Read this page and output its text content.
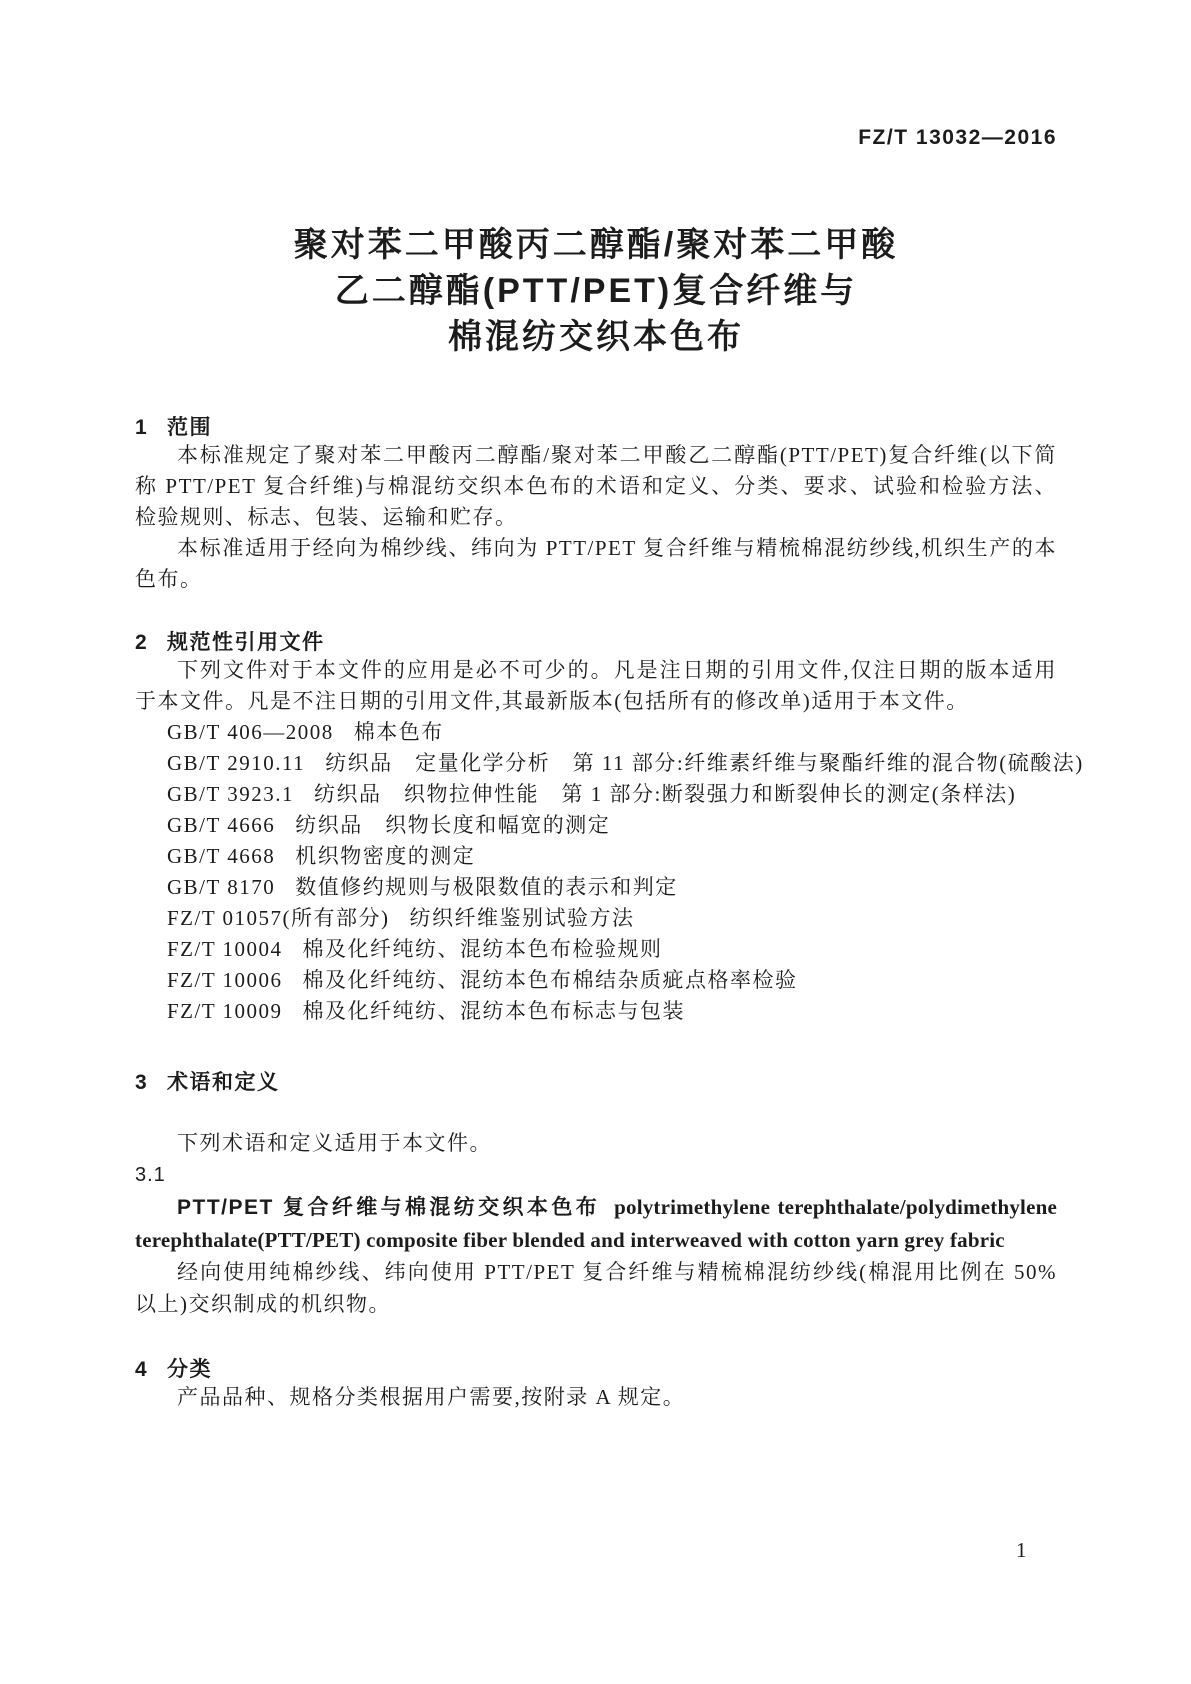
FZ/T 13032—2016
聚对苯二甲酸丙二醇酯/聚对苯二甲酸
乙二醇酯(PTT/PET)复合纤维与
棉混纺交织本色布
1 范围

本标准规定了聚对苯二甲酸丙二醇酯/聚对苯二甲酸乙二醇酯(PTT/PET)复合纤维(以下简称 PTT/PET 复合纤维)与棉混纺交织本色布的术语和定义、分类、要求、试验和检验方法、检验规则、标志、包装、运输和贮存。

本标准适用于经向为棉纱线、纬向为 PTT/PET 复合纤维与精梳棉混纺纱线,机织生产的本色布。

2 规范性引用文件

下列文件对于本文件的应用是必不可少的。凡是注日期的引用文件,仅注日期的版本适用于本文件。凡是不注日期的引用文件,其最新版本(包括所有的修改单)适用于本文件。

GB/T 406—2008 棉本色布
GB/T 2910.11 纺织品　定量化学分析　第 11 部分:纤维素纤维与聚酯纤维的混合物(硫酸法)
GB/T 3923.1 纺织品　织物拉伸性能　第 1 部分:断裂强力和断裂伸长的测定(条样法)
GB/T 4666 纺织品　织物长度和幅宽的测定
GB/T 4668 机织物密度的测定
GB/T 8170 数值修约规则与极限数值的表示和判定
FZ/T 01057(所有部分) 纺织纤维鉴别试验方法
FZ/T 10004 棉及化纤纯纺、混纺本色布检验规则
FZ/T 10006 棉及化纤纯纺、混纺本色布棉结杂质疵点格率检验
FZ/T 10009 棉及化纤纯纺、混纺本色布标志与包装
3 术语和定义

下列术语和定义适用于本文件。

3.1

PTT/PET 复合纤维与棉混纺交织本色布 polytrimethylene terephthalate/polydimethylene terephthalate(PTT/PET) composite fiber blended and interweaved with cotton yarn grey fabric

经向使用纯棉纱线、纬向使用 PTT/PET 复合纤维与精梳棉混纺纱线(棉混用比例在 50%以上)交织制成的机织物。

4 分类

产品品种、规格分类根据用户需要,按附录 A 规定。

1
